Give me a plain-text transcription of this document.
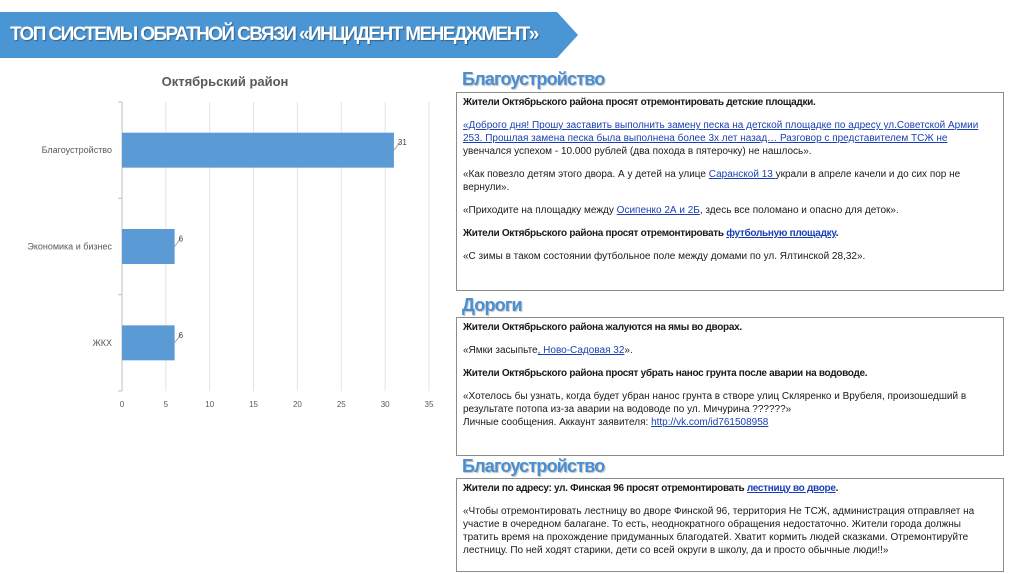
ТОП СИСТЕМЫ ОБРАТНОЙ СВЯЗИ «ИНЦИДЕНТ МЕНЕДЖМЕНТ»
Октябрьский район
0	5	10	15	20	25	30	35
Благоустройство
31
Экономика и бизнес
6
ЖКХ
6
Благоустройство

Жители Октябрьского района просят отремонтировать детские площадки.

«Доброго дня! Прошу заставить выполнить замену песка на детской площадке по адресу ул.Советской Армии 253. Прошлая замена песка была выполнена более 3х лет назад… Разговор с представителем ТСЖ не увенчался успехом - 10.000 рублей (два похода в пятерочку) не нашлось».

«Как повезло детям этого двора. А у детей на улице Саранской 13 украли в апреле качели и до сих пор не вернули».

«Приходите на площадку между Осипенко 2А и 2Б, здесь все поломано и опасно для деток».

Жители Октябрьского района просят отремонтировать футбольную площадку.

«С зимы в таком состоянии футбольное поле между домами по ул. Ялтинской 28,32».

Дороги

Жители Октябрьского района жалуются на ямы во дворах.

«Ямки засыпьте, Ново-Садовая 32».

Жители Октябрьского района просят убрать нанос грунта после аварии на водоводе.

«Хотелось бы узнать, когда будет убран нанос грунта в створе улиц Скляренко и Врубеля, произошедший в результате потопа из-за аварии на водоводе по ул. Мичурина ??????»

Личные сообщения. Аккаунт заявителя: http://vk.com/id761508958

Благоустройство

Жители по адресу: ул. Финская 96 просят отремонтировать лестницу во дворе.

«Чтобы отремонтировать лестницу во дворе Финской 96, территория Не ТСЖ, администрация отправляет на участие в очередном балагане. То есть, неоднократного обращения недостаточно. Жители города должны тратить время на прохождение придуманных благодатей. Хватит кормить людей сказками. Отремонтируйте лестницу. По ней ходят старики, дети со всей округи в школу, да и просто обычные люди!!»
